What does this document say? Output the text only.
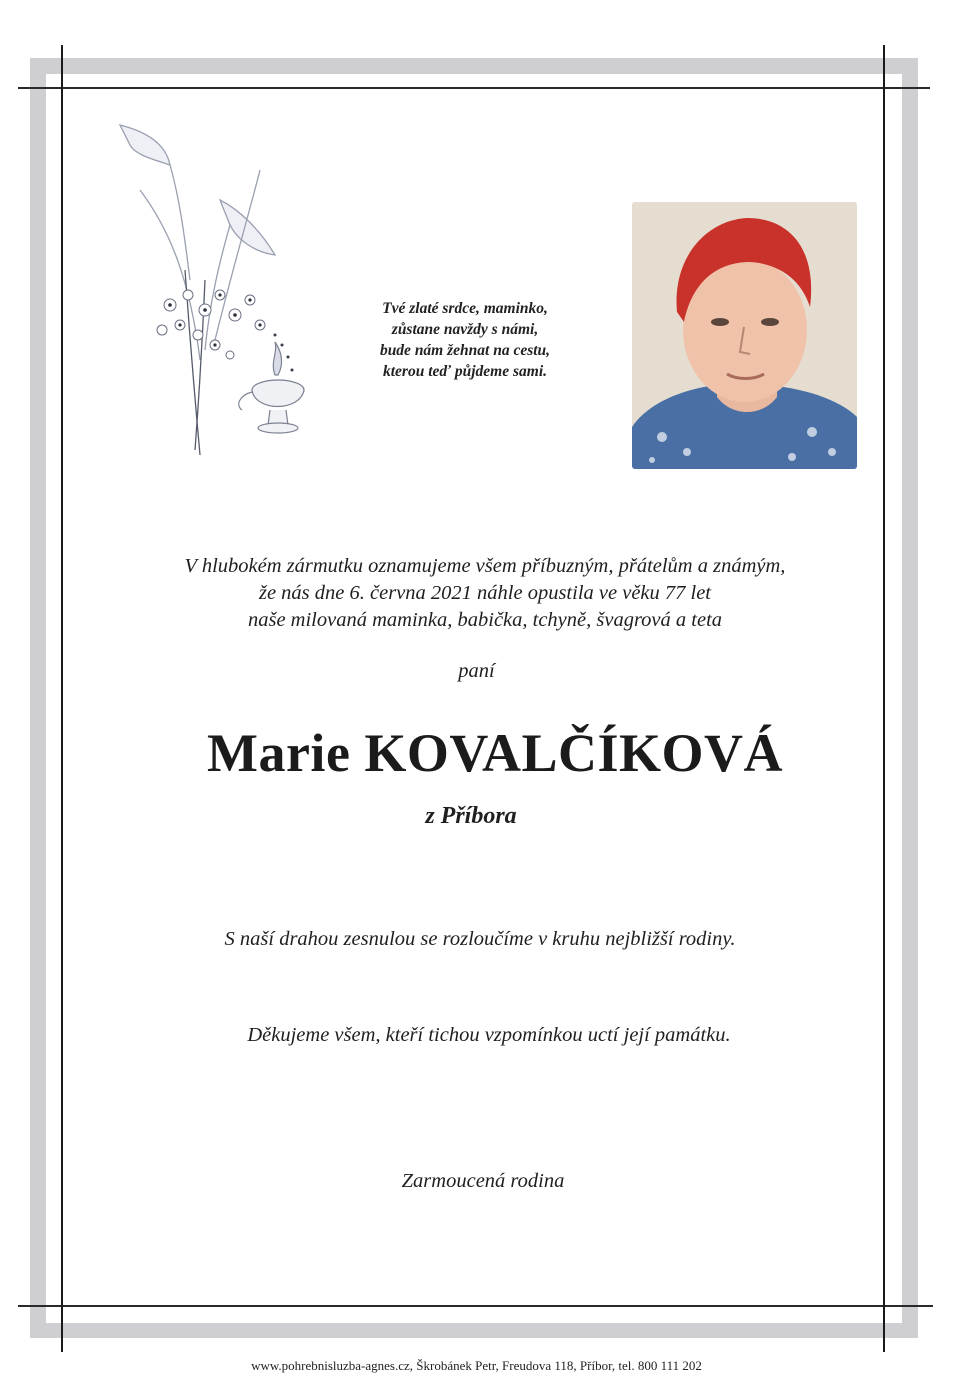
Tvé zlaté srdce, maminko,
zůstane navždy s námi,
bude nám žehnat na cestu,
kterou teď půjdeme sami.
V hlubokém zármutku oznamujeme všem příbuzným, přátelům a známým,
že nás dne 6. června 2021 náhle opustila ve věku 77 let
naše milovaná maminka, babička, tchyně, švagrová a teta
paní
Marie KOVALČÍKOVÁ
z Příbora
S naší drahou zesnulou se rozloučíme v kruhu nejbližší rodiny.
Děkujeme všem, kteří tichou vzpomínkou uctí její památku.
Zarmoucená rodina
www.pohrebnisluzba-agnes.cz, Škrobánek Petr, Freudova 118, Příbor, tel. 800 111 202
